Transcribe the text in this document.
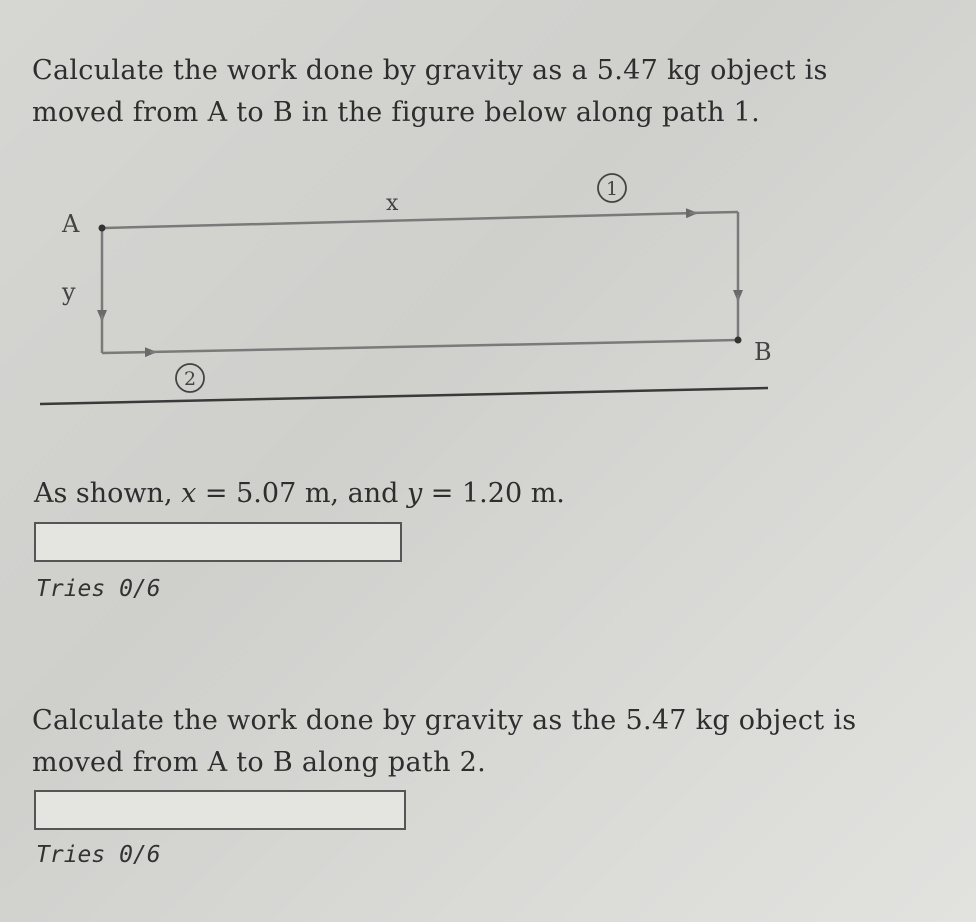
Calculate the work done by gravity as a 5.47 kg object is
moved from A to B in the figure below along path 1.

A
B
x
y
1
2

As shown, x = 5.07 m, and y = 1.20 m.

Tries 0/6

Calculate the work done by gravity as the 5.47 kg object is
moved from A to B along path 2.

Tries 0/6
